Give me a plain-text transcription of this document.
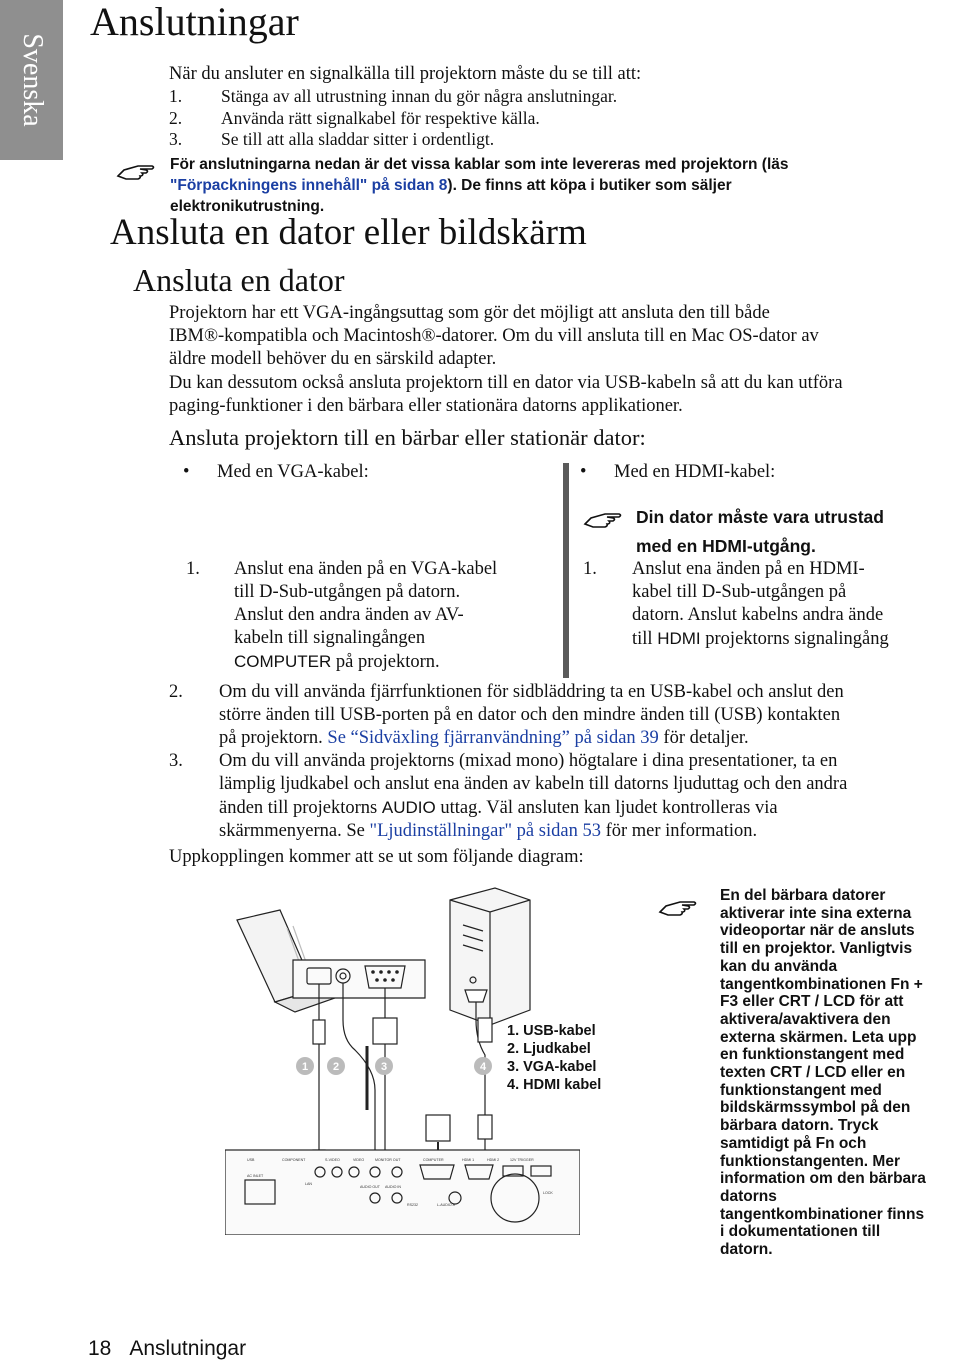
Svenska
Anslutningar
När du ansluter en signalkälla till projektorn måste du se till att:
1. Stänga av all utrustning innan du gör några anslutningar.
2. Använda rätt signalkabel för respektive källa.
3. Se till att alla sladdar sitter i ordentligt.
För anslutningarna nedan är det vissa kablar som inte levereras med projektorn (läs
"Förpackningens innehåll" på sidan 8). De finns att köpa i butiker som säljer
elektronikutrustning.
Ansluta en dator eller bildskärm
Ansluta en dator
Projektorn har ett VGA-ingångsuttag som gör det möjligt att ansluta den till både
IBM®-kompatibla och Macintosh®-datorer. Om du vill ansluta till en Mac OS-dator av
äldre modell behöver du en särskild adapter.
Du kan dessutom också ansluta projektorn till en dator via USB-kabeln så att du kan utföra
paging-funktioner i den bärbara eller stationära datorns applikationer.
Ansluta projektorn till en bärbar eller stationär dator:
• Med en VGA-kabel:
1. Anslut ena änden på en VGA-kabel
till D-Sub-utgången på datorn.
Anslut den andra änden av AV-
kabeln till signalingången
COMPUTER på projektorn.
• Med en HDMI-kabel:
Din dator måste vara utrustad
med en HDMI-utgång.
1. Anslut ena änden på en HDMI-
kabel till D-Sub-utgången på
datorn. Anslut kabelns andra ände
till HDMI projektorns signalingång
2. Om du vill använda fjärrfunktionen för sidbläddring ta en USB-kabel och anslut den
större änden till USB-porten på en dator och den mindre änden till (USB) kontakten
på projektorn. Se “Sidväxling fjärranvändning” på sidan 39 för detaljer.
3. Om du vill använda projektorns (mixad mono) högtalare i dina presentationer, ta en
lämplig ljudkabel och anslut ena änden av kabeln till datorns ljuduttag och den andra
änden till projektorns AUDIO uttag. Väl ansluten kan ljudet kontrolleras via
skärmmenyerna. Se "Ljudinställningar" på sidan 53 för mer information.
Uppkopplingen kommer att se ut som följande diagram:
1 2	3	4
USB	COMPONENT	S-VIDEO	VIDEO	MONITOR OUT	COMPUTER	HDMI 1	HDMI 2	12V TRIGGER
AC INLET
LAN
AUDIO IN
AUDIO OUT
RS232	L-AUDIO-R
LOCK
1. USB-kabel
2. Ljudkabel
3. VGA-kabel
4. HDMI kabel
En del bärbara datorer
aktiverar inte sina externa
videoportar när de ansluts
till en projektor. Vanligtvis
kan du använda
tangentkombinationen Fn +
F3 eller CRT / LCD för att
aktivera/avaktivera den
externa skärmen. Leta upp
en funktionstangent med
texten CRT / LCD eller en
funktionstangent med
bildskärmssymbol på den
bärbara datorn. Tryck
samtidigt på Fn och
funktionstangenten. Mer
information om den bärbara
datorns
tangentkombinationer finns
i dokumentationen till
datorn.
18 Anslutningar
